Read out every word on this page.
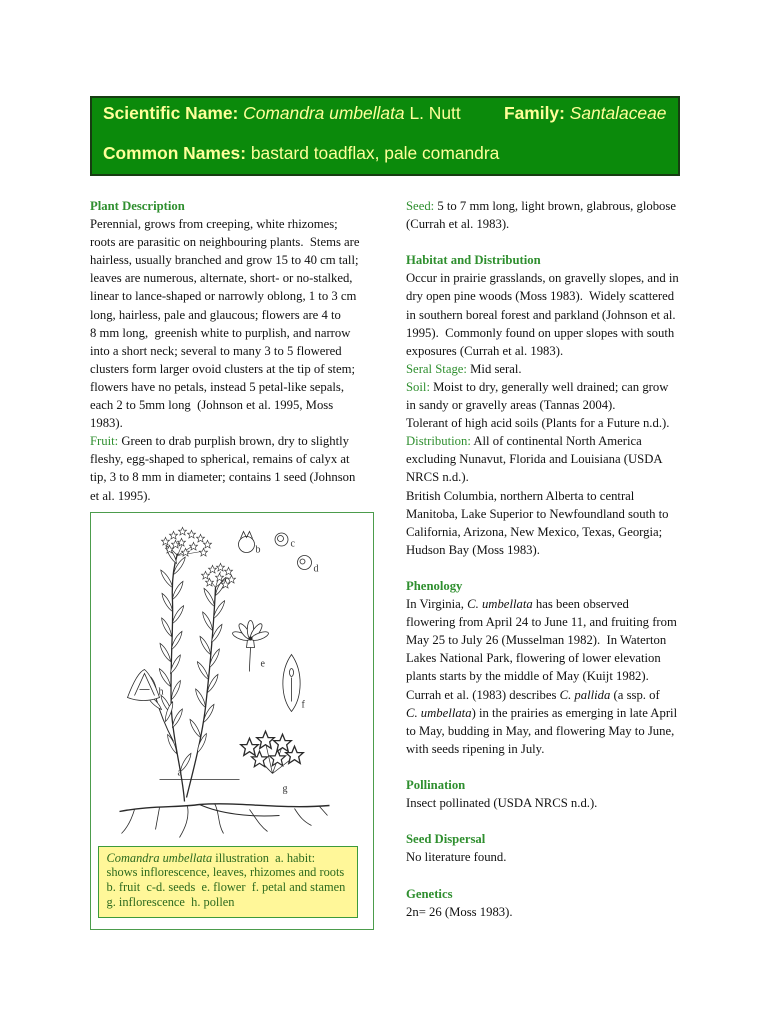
Scientific Name: Comandra umbellata L. Nutt Family: Santalaceae
Common Names: bastard toadflax, pale comandra
Plant Description
Perennial, grows from creeping, white rhizomes;
roots are parasitic on neighbouring plants.  Stems are
hairless, usually branched and grow 15 to 40 cm tall;
leaves are numerous, alternate, short- or no-stalked,
linear to lance-shaped or narrowly oblong, 1 to 3 cm
long, hairless, pale and glaucous; flowers are 4 to
8 mm long,  greenish white to purplish, and narrow
into a short neck; several to many 3 to 5 flowered
clusters form larger ovoid clusters at the tip of stem;
flowers have no petals, instead 5 petal-like sepals,
each 2 to 5mm long  (Johnson et al. 1995, Moss
1983).
Fruit: Green to drab purplish brown, dry to slightly
fleshy, egg-shaped to spherical, remains of calyx at
tip, 3 to 8 mm in diameter; contains 1 seed (Johnson
et al. 1995).
Seed: 5 to 7 mm long, light brown, glabrous, globose
(Currah et al. 1983).
Habitat and Distribution
Occur in prairie grasslands, on gravelly slopes, and in
dry open pine woods (Moss 1983).  Widely scattered
in southern boreal forest and parkland (Johnson et al.
1995).  Commonly found on upper slopes with south
exposures (Currah et al. 1983).
Seral Stage: Mid seral.
Soil: Moist to dry, generally well drained; can grow
in sandy or gravelly areas (Tannas 2004).
Tolerant of high acid soils (Plants for a Future n.d.).
Distribution: All of continental North America
excluding Nunavut, Florida and Louisiana (USDA
NRCS n.d.).
British Columbia, northern Alberta to central
Manitoba, Lake Superior to Newfoundland south to
California, Arizona, New Mexico, Texas, Georgia;
Hudson Bay (Moss 1983).
Phenology
In Virginia, C. umbellata has been observed
flowering from April 24 to June 11, and fruiting from
May 25 to July 26 (Musselman 1982).  In Waterton
Lakes National Park, flowering of lower elevation
plants starts by the middle of May (Kuijt 1982).
Currah et al. (1983) describes C. pallida (a ssp. of
C. umbellata) in the prairies as emerging in late April
to May, budding in May, and flowering May to June,
with seeds ripening in July.
Pollination
Insect pollinated (USDA NRCS n.d.).
Seed Dispersal
No literature found.
Genetics
2n= 26 (Moss 1983).
a
b
c
d
e
f
g
h
Comandra umbellata illustration  a. habit:
shows inflorescence, leaves, rhizomes and roots
b. fruit  c-d. seeds  e. flower  f. petal and stamen
g. inflorescence  h. pollen
